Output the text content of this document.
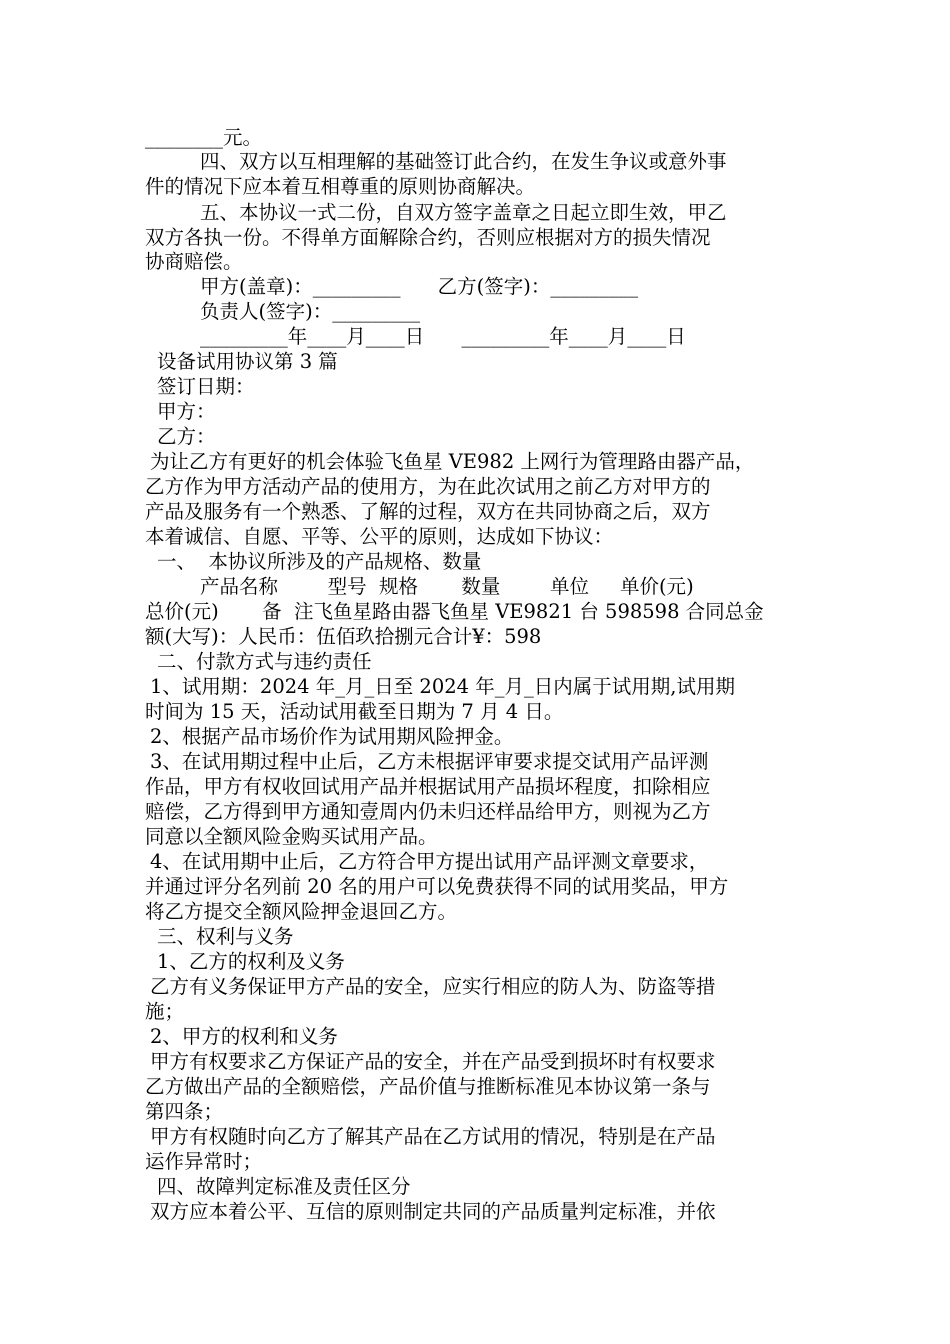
________元。
四、双方以互相理解的基础签订此合约，在发生争议或意外事
件的情况下应本着互相尊重的原则协商解决。
五、本协议一式二份，自双方签字盖章之日起立即生效，甲乙
双方各执一份。不得单方面解除合约，否则应根据对方的损失情况
协商赔偿。
甲方(盖章)：_________      乙方(签字)：_________
负责人(签字)：_________
_________年____月____日      _________年____月____日
设备试用协议第 3 篇
签订日期：
甲方：
乙方：
为让乙方有更好的机会体验飞鱼星 VE982 上网行为管理路由器产品，
乙方作为甲方活动产品的使用方，为在此次试用之前乙方对甲方的
产品及服务有一个熟悉、了解的过程，双方在共同协商之后，双方
本着诚信、自愿、平等、公平的原则，达成如下协议：
一、  本协议所涉及的产品规格、数量
产品名称        型号  规格       数量        单位     单价(元)
总价(元)       备  注飞鱼星路由器飞鱼星 VE9821 台 598598 合同总金
额(大写)：人民币：伍佰玖拾捌元合计¥：598
二、付款方式与违约责任
1、试用期：2024 年_月_日至 2024 年_月_日内属于试用期,试用期
时间为 15 天，活动试用截至日期为 7 月 4 日。
2、根据产品市场价作为试用期风险押金。
3、在试用期过程中止后，乙方未根据评审要求提交试用产品评测
作品，甲方有权收回试用产品并根据试用产品损坏程度，扣除相应
赔偿，乙方得到甲方通知壹周内仍未归还样品给甲方，则视为乙方
同意以全额风险金购买试用产品。
4、在试用期中止后，乙方符合甲方提出试用产品评测文章要求，
并通过评分名列前 20 名的用户可以免费获得不同的试用奖品，甲方
将乙方提交全额风险押金退回乙方。
三、权利与义务
1、乙方的权利及义务
乙方有义务保证甲方产品的安全，应实行相应的防人为、防盗等措
施；
2、甲方的权利和义务
甲方有权要求乙方保证产品的安全，并在产品受到损坏时有权要求
乙方做出产品的全额赔偿，产品价值与推断标准见本协议第一条与
第四条；
甲方有权随时向乙方了解其产品在乙方试用的情况，特别是在产品
运作异常时；
四、故障判定标准及责任区分
双方应本着公平、互信的原则制定共同的产品质量判定标准，并依
